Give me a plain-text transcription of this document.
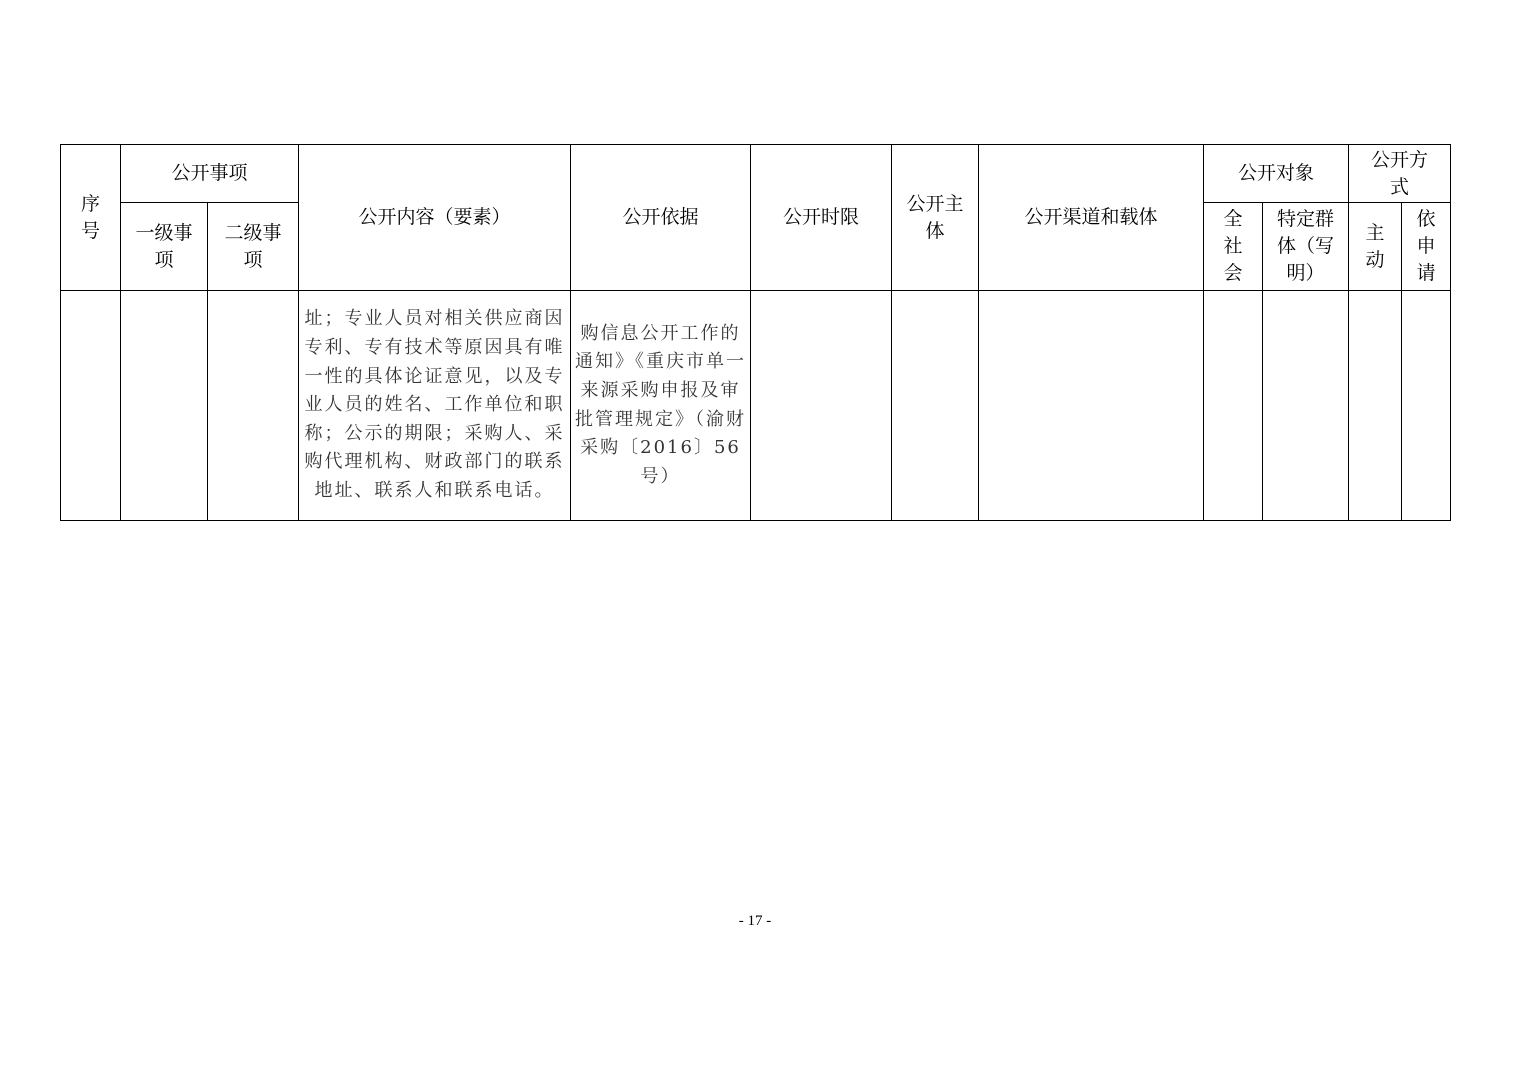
序号	公开事项		公开内容（要素）	公开依据	公开时限	公开主体	公开渠道和载体	公开对象		公开方式	
	一级事项	二级事项						全社会	特定群体（写明）	主动	依申请
			址；专业人员对相关供应商因专利、专有技术等原因具有唯一性的具体论证意见，以及专业人员的姓名、工作单位和职称；公示的期限；采购人、采购代理机构、财政部门的联系地址、联系人和联系电话。	购信息公开工作的通知》《重庆市单一来源采购申报及审批管理规定》（渝财采购〔2016〕56号）							
- 17 -
